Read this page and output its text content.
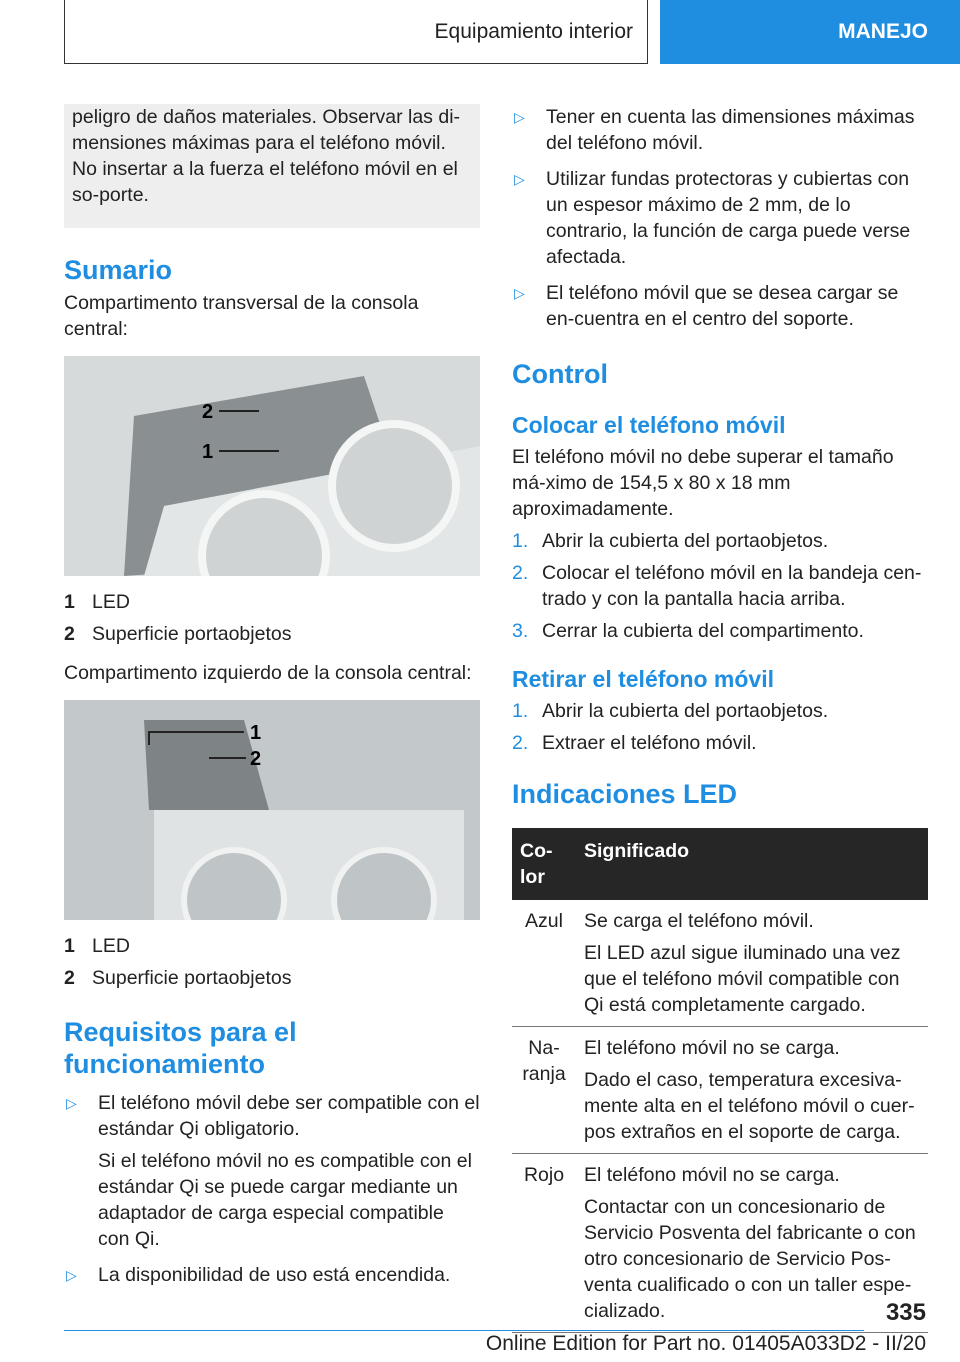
Equipamiento interior	MANEJO

peligro de daños materiales. Observar las di-mensiones máximas para el teléfono móvil. No insertar a la fuerza el teléfono móvil en el so-porte.

Sumario

Compartimento transversal de la consola central:

2
1
1 LED
2 Superficie portaobjetos

Compartimento izquierdo de la consola central:

1
2
1 LED
2 Superficie portaobjetos
Requisitos para el funcionamiento
▷	El teléfono móvil debe ser compatible con el estándar Qi obligatorio.

Si el teléfono móvil no es compatible con el estándar Qi se puede cargar mediante un adaptador de carga especial compatible con Qi.

▷	La disponibilidad de uso está encendida.

▷	Tener en cuenta las dimensiones máximas del teléfono móvil.

▷	Utilizar fundas protectoras y cubiertas con un espesor máximo de 2 mm, de lo contrario, la función de carga puede verse afectada.

▷	El teléfono móvil que se desea cargar se en-cuentra en el centro del soporte.

Control
Colocar el teléfono móvil

El teléfono móvil no debe superar el tamaño má-ximo de 154,5 x 80 x 18 mm aproximadamente.

1. Abrir la cubierta del portaobjetos.

2. Colocar el teléfono móvil en la bandeja cen-trado y con la pantalla hacia arriba.

3. Cerrar la cubierta del compartimento.

Retirar el teléfono móvil
1. Abrir la cubierta del portaobjetos.

2. Extraer el teléfono móvil.

Indicaciones LED
Co-lor	Significado
Azul	Se carga el teléfono móvil.

El LED azul sigue iluminado una vez que el teléfono móvil compatible con Qi está completamente cargado.

Na-ranja	El teléfono móvil no se carga.

Dado el caso, temperatura excesiva-mente alta en el teléfono móvil o cuer-pos extraños en el soporte de carga.

Rojo	El teléfono móvil no se carga.

Contactar con un concesionario de Servicio Posventa del fabricante o con otro concesionario de Servicio Pos-venta cualificado o con un taller espe-cializado.	335
Online Edition for Part no. 01405A033D2 - II/20
